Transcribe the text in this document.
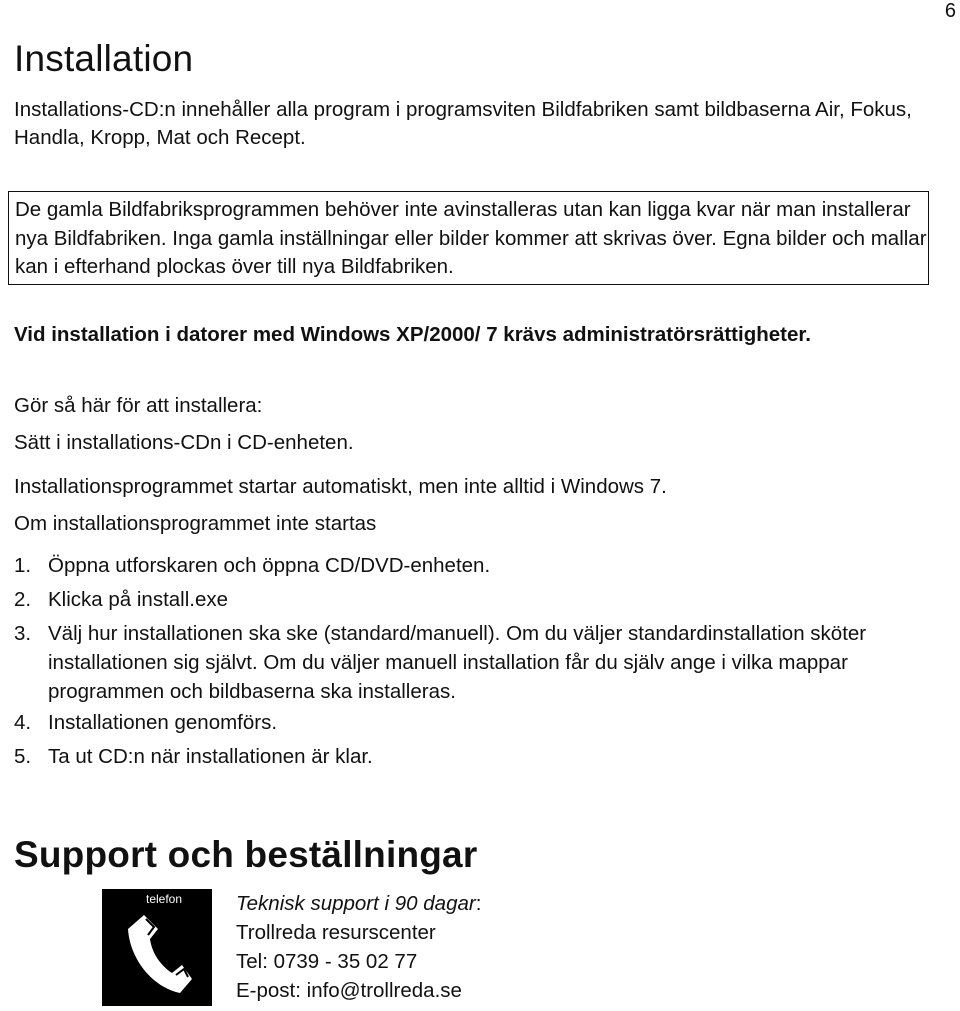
6
Installation

Installations-CD:n innehåller alla program i programsviten Bildfabriken samt bildbaserna Air, Fokus, Handla, Kropp, Mat och Recept.

De gamla Bildfabriksprogrammen behöver inte avinstalleras utan kan ligga kvar när man installerar nya Bildfabriken. Inga gamla inställningar eller bilder kommer att skrivas över. Egna bilder och mallar kan i efterhand plockas över till nya Bildfabriken.

Vid installation i datorer med Windows XP/2000/ 7 krävs administratörsrättigheter.

Gör så här för att installera:

Sätt i installations-CDn i CD-enheten.

Installationsprogrammet startar automatiskt, men inte alltid i Windows 7.

Om installationsprogrammet inte startas

1. Öppna utforskaren och öppna CD/DVD-enheten.
2. Klicka på install.exe
3. Välj hur installationen ska ske (standard/manuell). Om du väljer standardinstallation sköter installationen sig självt. Om du väljer manuell installation får du själv ange i vilka mappar programmen och bildbaserna ska installeras.
4. Installationen genomförs.
5. Ta ut CD:n när installationen är klar.
Support och beställningar
telefon	Teknisk support i 90 dagar:
Trollreda resurscenter
Tel: 0739 - 35 02 77
E-post: info@trollreda.se
